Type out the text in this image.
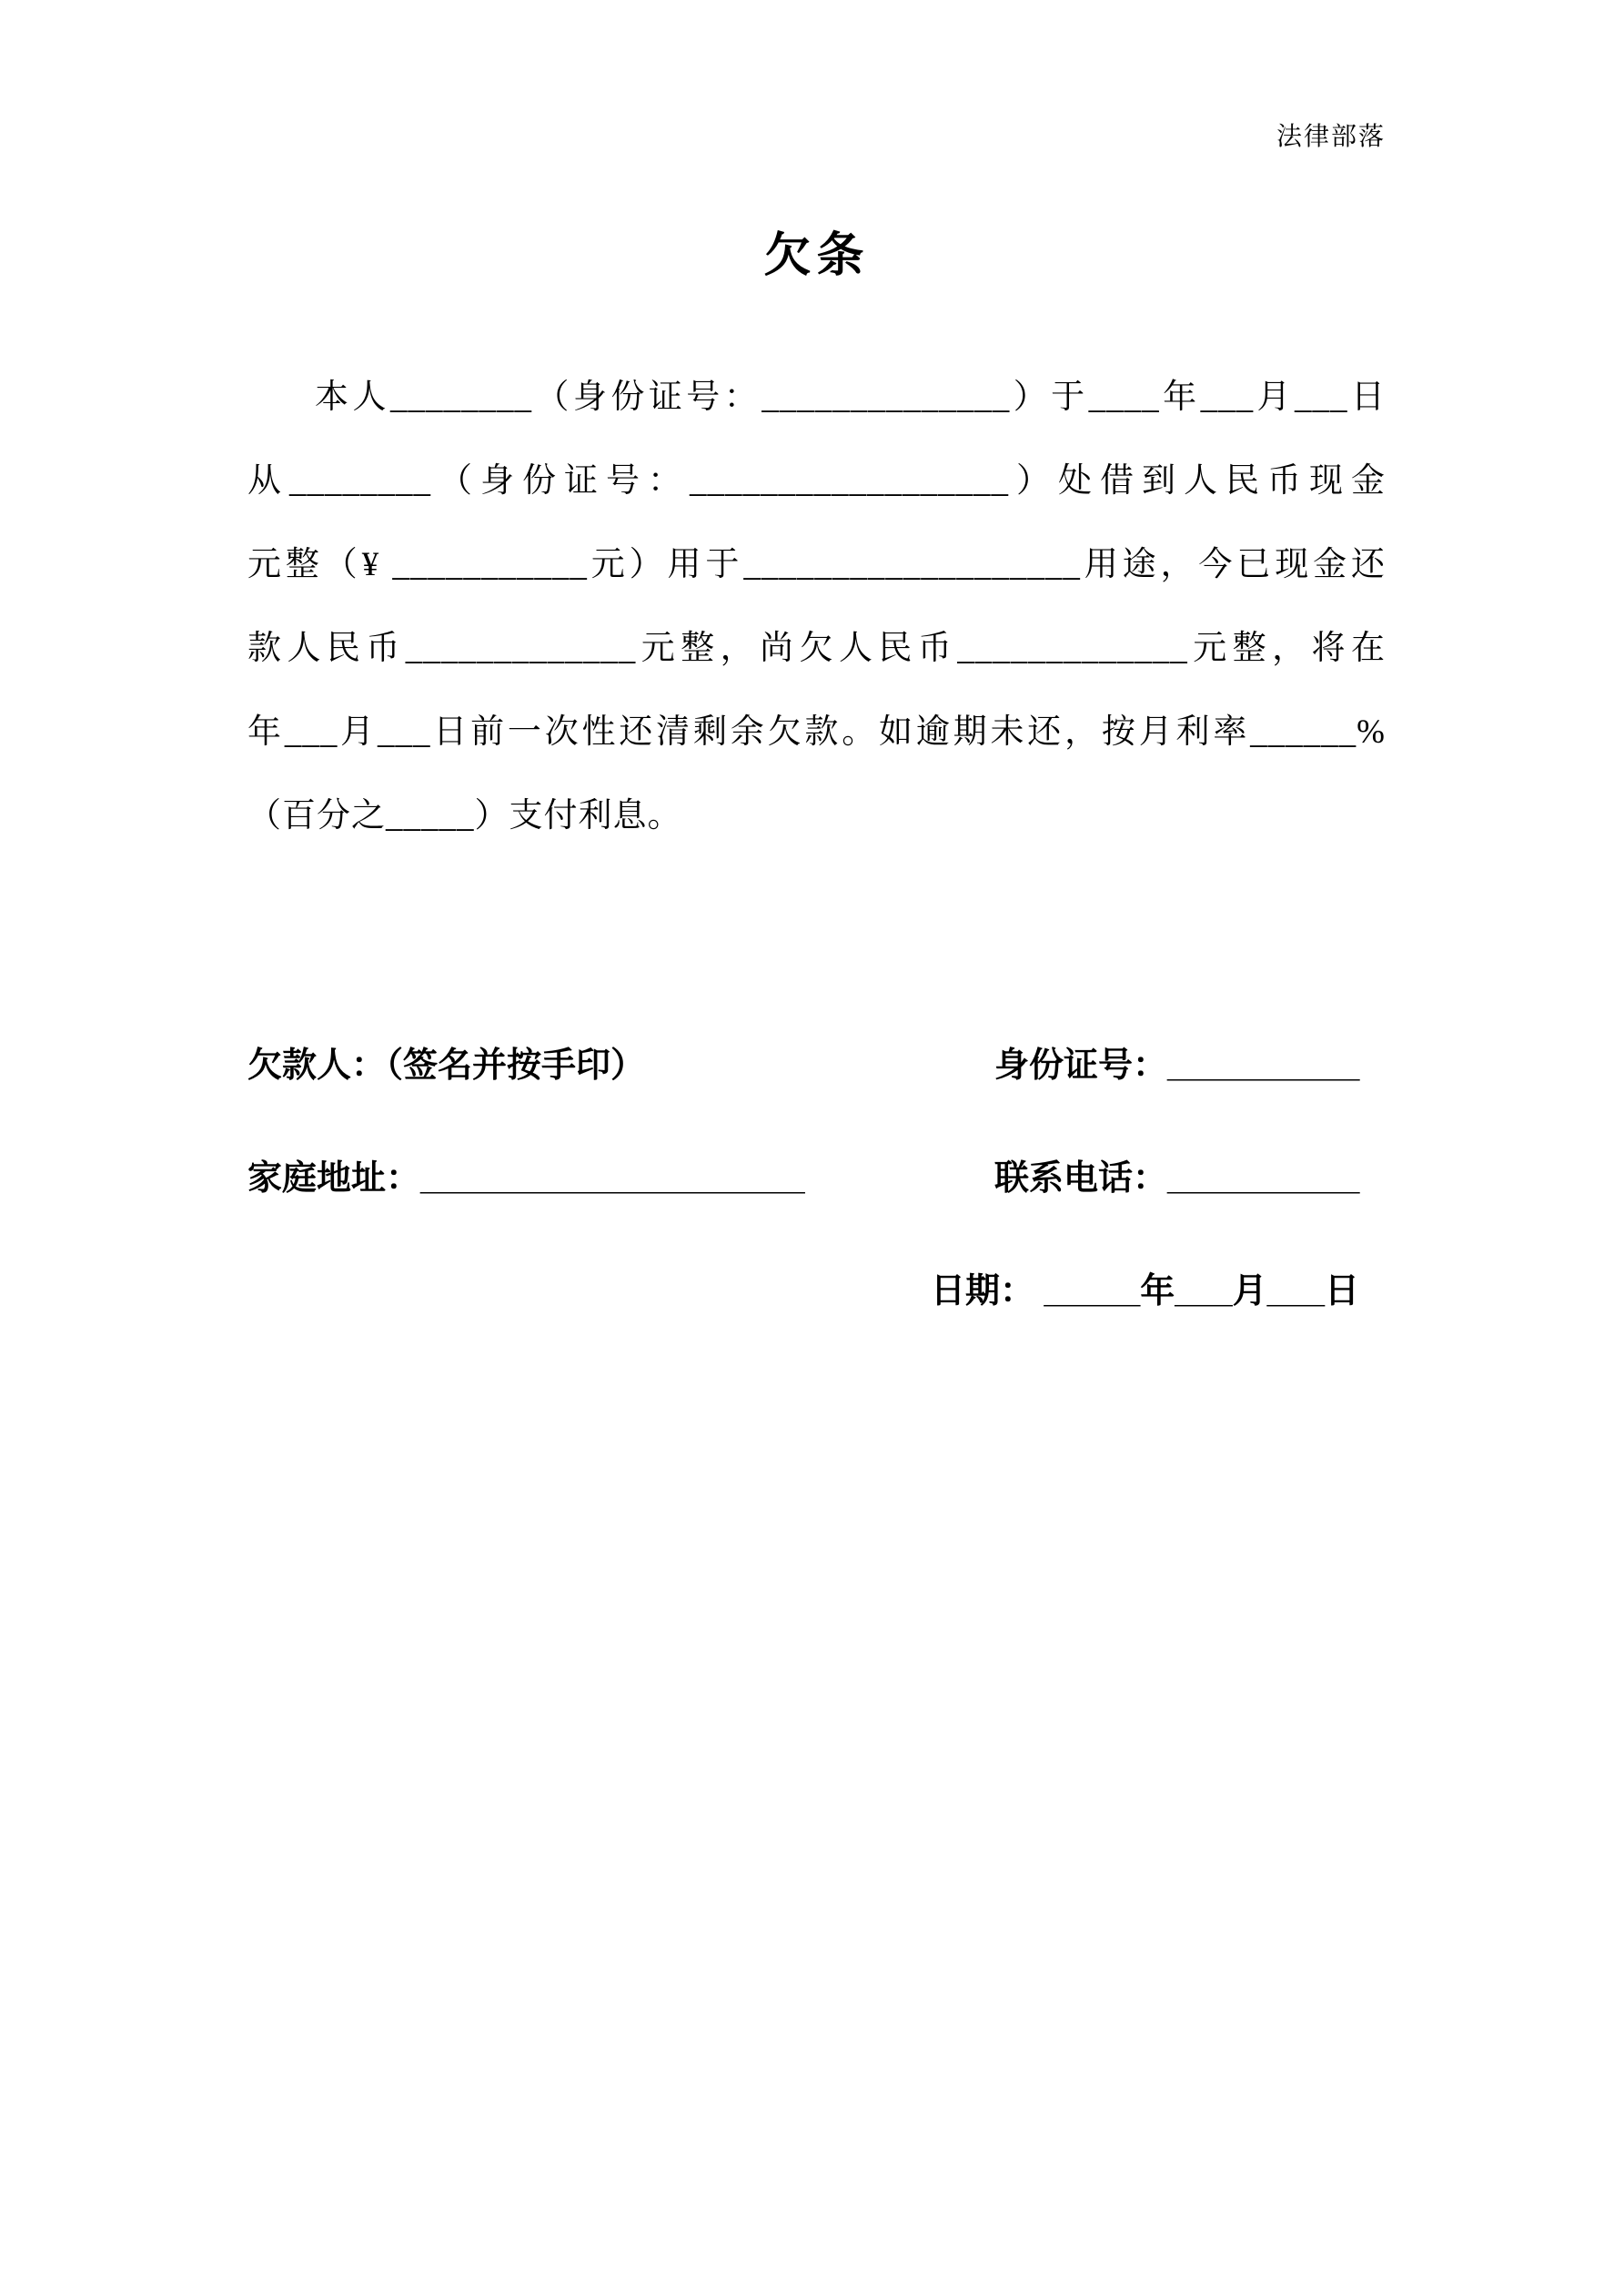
法律部落
欠条
本人________（身份证号：______________）于____年___月___日
从________（身份证号：__________________）处借到人民币现金
元整（¥ ___________元）用于___________________用途，今已现金还
款人民币_____________元整，尚欠人民币_____________元整，将在
年___月___日前一次性还清剩余欠款。如逾期未还，按月利率______%
（百分之_____）支付利息。
欠款人：（签名并按手印）	身份证号：__________
家庭地址：____________________	联系电话：__________
日期： _____年___月___日
